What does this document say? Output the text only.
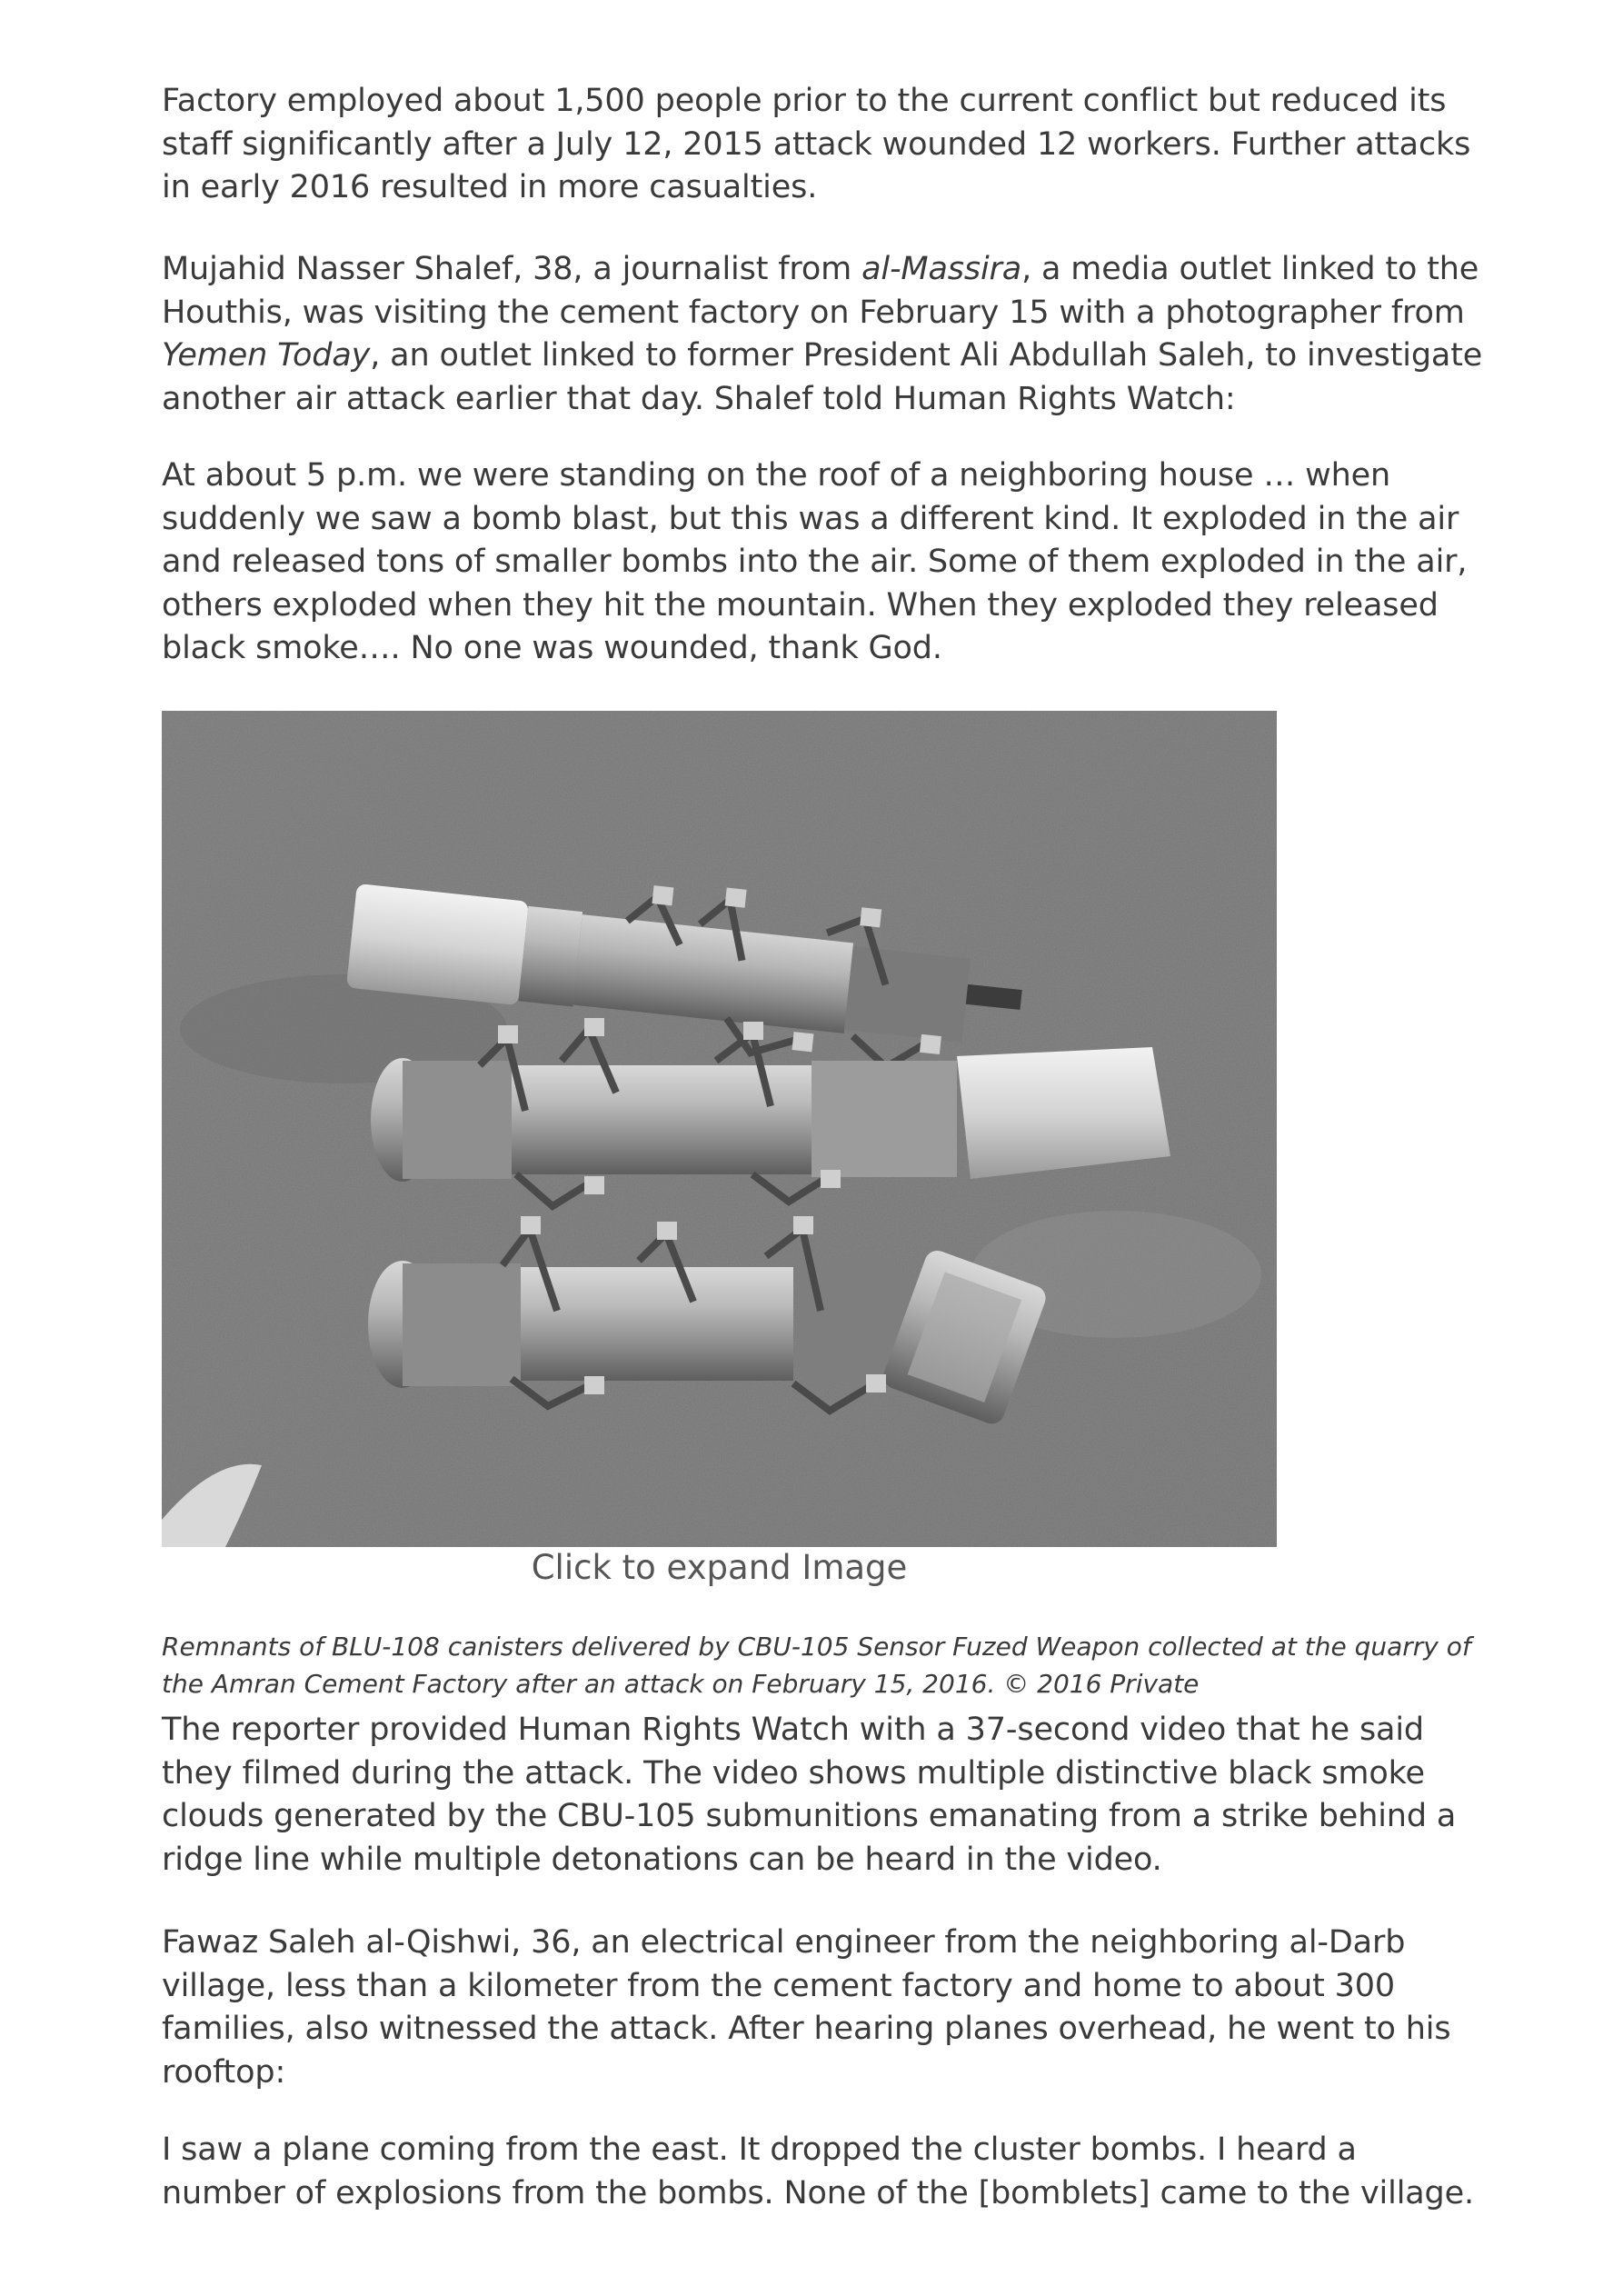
Factory employed about 1,500 people prior to the current conflict but reduced its staff significantly after a July 12, 2015 attack wounded 12 workers. Further attacks in early 2016 resulted in more casualties.

Mujahid Nasser Shalef, 38, a journalist from al-Massira, a media outlet linked to the Houthis, was visiting the cement factory on February 15 with a photographer from Yemen Today, an outlet linked to former President Ali Abdullah Saleh, to investigate another air attack earlier that day. Shalef told Human Rights Watch:

At about 5 p.m. we were standing on the roof of a neighboring house … when suddenly we saw a bomb blast, but this was a different kind. It exploded in the air and released tons of smaller bombs into the air. Some of them exploded in the air, others exploded when they hit the mountain. When they exploded they released black smoke…. No one was wounded, thank God.

Click to expand Image

Remnants of BLU-108 canisters delivered by CBU-105 Sensor Fuzed Weapon collected at the quarry of the Amran Cement Factory after an attack on February 15, 2016. © 2016 Private

The reporter provided Human Rights Watch with a 37-second video that he said they filmed during the attack. The video shows multiple distinctive black smoke clouds generated by the CBU-105 submunitions emanating from a strike behind a ridge line while multiple detonations can be heard in the video.

Fawaz Saleh al-Qishwi, 36, an electrical engineer from the neighboring al-Darb village, less than a kilometer from the cement factory and home to about 300 families, also witnessed the attack. After hearing planes overhead, he went to his rooftop:

I saw a plane coming from the east. It dropped the cluster bombs. I heard a number of explosions from the bombs. None of the [bomblets] came to the village.
